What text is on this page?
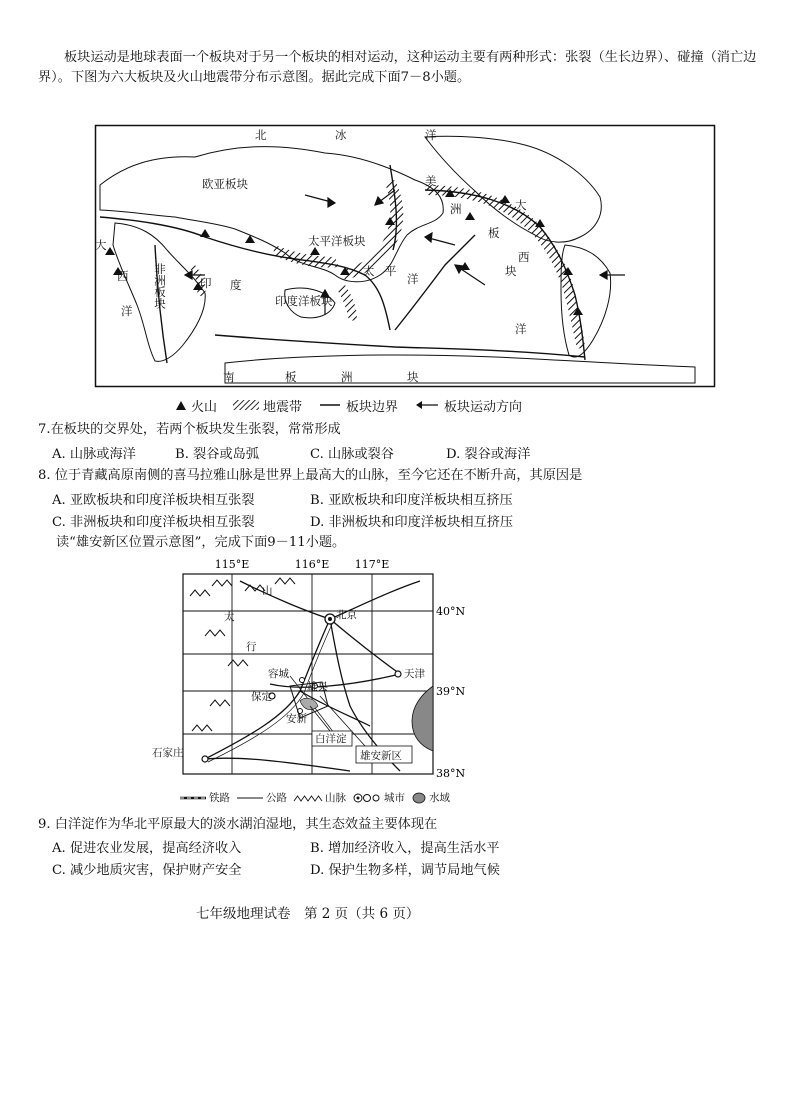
板块运动是地球表面一个板块对于另一个板块的相对运动，这种运动主要有两种形式：张裂（生长边界）、碰撞（消亡边界）。下图为六大板块及火山地震带分布示意图。据此完成下面7－8小题。
北	冰	洋
美
洲	大
板
块
西
洋
欧亚板块
太平洋板块
太 平
洋
大
西
洋
非洲板块	印 度
印度洋板块
南	板	洲	块
火山	地震带	板块边界	板块运动方向
7.在板块的交界处，若两个板块发生张裂，常常形成
A. 山脉或海洋	B. 裂谷或岛弧	C. 山脉或裂谷	D. 裂谷或海洋
8. 位于青藏高原南侧的喜马拉雅山脉是世界上最高大的山脉，至今它还在不断升高，其原因是
A. 亚欧板块和印度洋板块相互张裂	B. 亚欧板块和印度洋板块相互挤压
C. 非洲板块和印度洋板块相互张裂	D. 非洲板块和印度洋板块相互挤压
读“雄安新区位置示意图”，完成下面9－11小题。
115°E	116°E 117°E
40°N
39°N
38°N
北京
天津
保定
容城
雄县
安新
石家庄
白洋淀
雄安新区
山
太
行
铁路	公路	山脉	城市 水域
9. 白洋淀作为华北平原最大的淡水湖泊湿地，其生态效益主要体现在
A. 促进农业发展，提高经济收入	B. 增加经济收入，提高生活水平
C. 减少地质灾害，保护财产安全	D. 保护生物多样，调节局地气候
七年级地理试卷　第 2 页（共 6 页）
